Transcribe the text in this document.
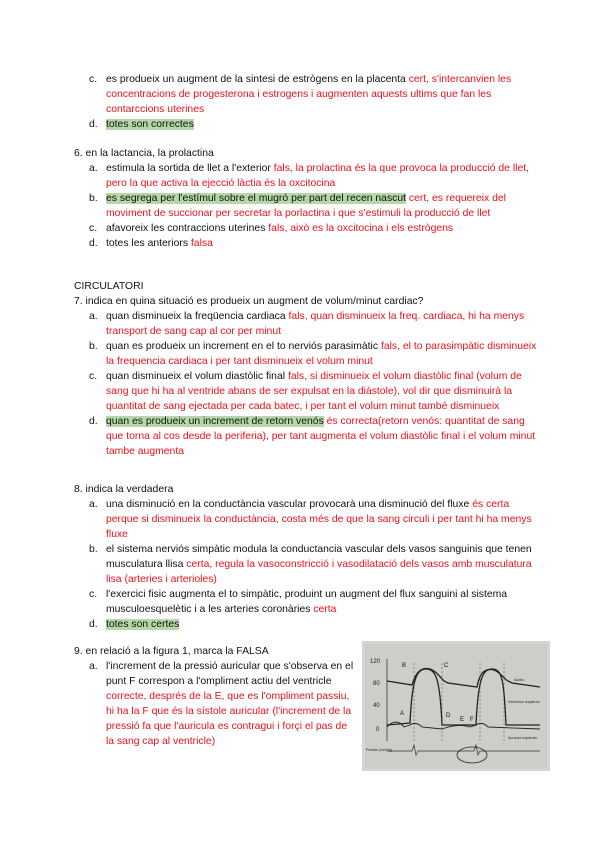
c. es produeix un augment de la sintesi de estrògens en la placenta cert, s'intercanvien les concentracions de progesterona i estrogens i augmenten aquests ultims que fan les contarccions uterines
d. totes son correctes

6. en la lactancia, la prolactina

a. estimula la sortida de llet a l'exterior fals, la prolactina és la que provoca la producció de llet, pero la que activa la ejecció làctia és la oxcitocina
b. es segrega per l'estímul sobre el mugró per part del recen nascut cert, es requereix del moviment de succionar per secretar la porlactina i que s'estimuli la producció de llet
c. afavoreix les contraccions uterines fals, això es la oxcitocina i els estrògens
d. totes les anteriors falsa
CIRCULATORI

7. indica en quina situació es produeix un augment de volum/minut cardiac?

a. quan disminueix la freqüencia cardiaca fals, quan disminueix la freq. cardiaca, hi ha menys transport de sang cap al cor per minut
b. quan es produeix un increment en el to nerviós parasimàtic fals, el to parasimpàtic disminueix la frequencia cardiaca i per tant disminueix el volum minut
c. quan disminueix el volum diastòlic final fals, si disminueix el volum diastòlic final (volum de sang que hi ha al ventride abans de ser expulsat en la diàstole), vol dir que disminuirà la quantitat de sang ejectada per cada batec, i per tant el volum minut també disminueix
d. quan es produeix un increment de retorn venós és correcta(retorn venós: quantitat de sang que torna al cos desde la periferia), per tant augmenta el volum diastòlic final i el volum minut tambe augmenta

8. indica la verdadera

a. una disminució en la conductància vascular provocarà una disminució del fluxe és certa perque si disminueix la conductància, costa més de que la sang circuli i per tant hi ha menys fluxe
b. el sistema nerviós simpàtic modula la conductancia vascular dels vasos sanguinis que tenen musculatura llisa certa, regula la vasoconstricció i vasodilatació dels vasos amb musculatura lisa (arteries i arterioles)
c. l'exercici fisic augmenta el to simpàtic, produint un augment del flux sanguini al sistema musculoesquelètic i a les arteries coronàries certa
d. totes son certes

9. en relació a la figura 1, marca la FALSA

a. l'increment de la pressió auricular que s'observa en el punt F correspon a l'ompliment actiu del ventricle correcte, després de la E, que es l'ompliment passiu, hi ha la F que és la sístole auricular (l'increment de la pressió fa que l'auricula es contragui i forçi el pas de la sang cap al ventricle)
120
80
40
0
Presión (mmHg)
A
B	C
D
E F
Aorta
Ventrículo izquierdo
Aurícula izquierda
